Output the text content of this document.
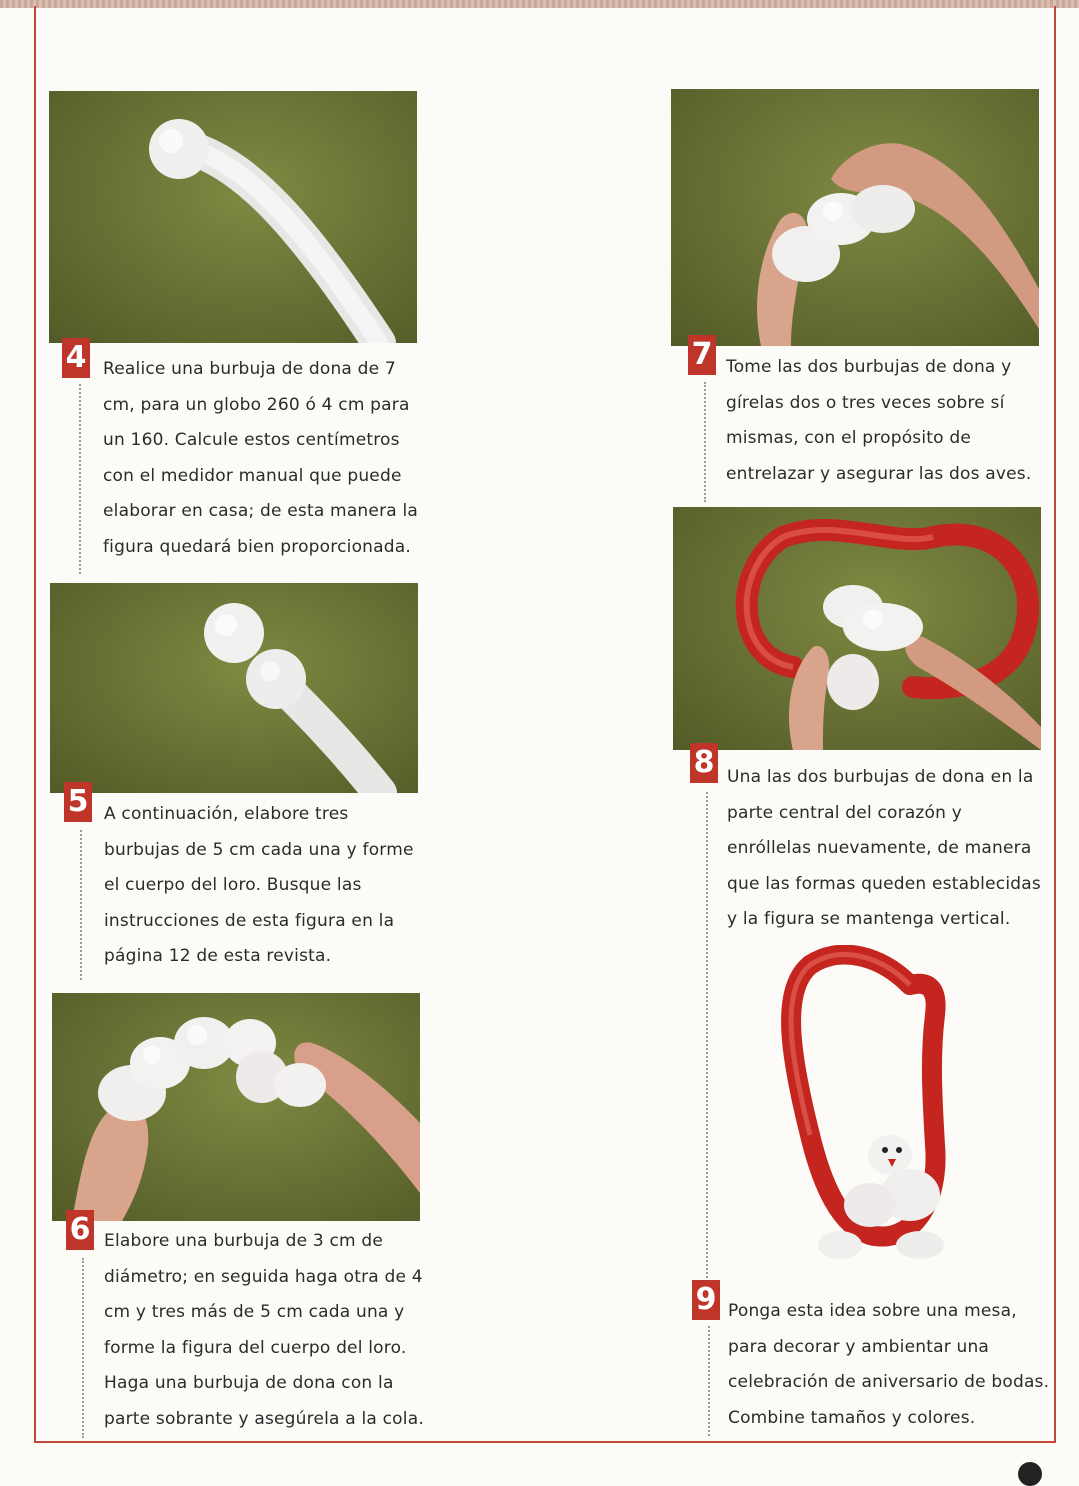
4 Realice una burbuja de dona de 7
cm, para un globo 260 ó 4 cm para
un 160. Calcule estos centímetros
con el medidor manual que puede
elaborar en casa; de esta manera la
figura quedará bien proporcionada.
5 A continuación, elabore tres
burbujas de 5 cm cada una y forme
el cuerpo del loro. Busque las
instrucciones de esta figura en la
página 12 de esta revista.
6 Elabore una burbuja de 3 cm de
diámetro; en seguida haga otra de 4
cm y tres más de 5 cm cada una y
forme la figura del cuerpo del loro.
Haga una burbuja de dona con la
parte sobrante y asegúrela a la cola.
7 Tome las dos burbujas de dona y
gírelas dos o tres veces sobre sí
mismas, con el propósito de
entrelazar y asegurar las dos aves.
8 Una las dos burbujas de dona en la
parte central del corazón y
enróllelas nuevamente, de manera
que las formas queden establecidas
y la figura se mantenga vertical.
9 Ponga esta idea sobre una mesa,
para decorar y ambientar una
celebración de aniversario de bodas.
Combine tamaños y colores.
